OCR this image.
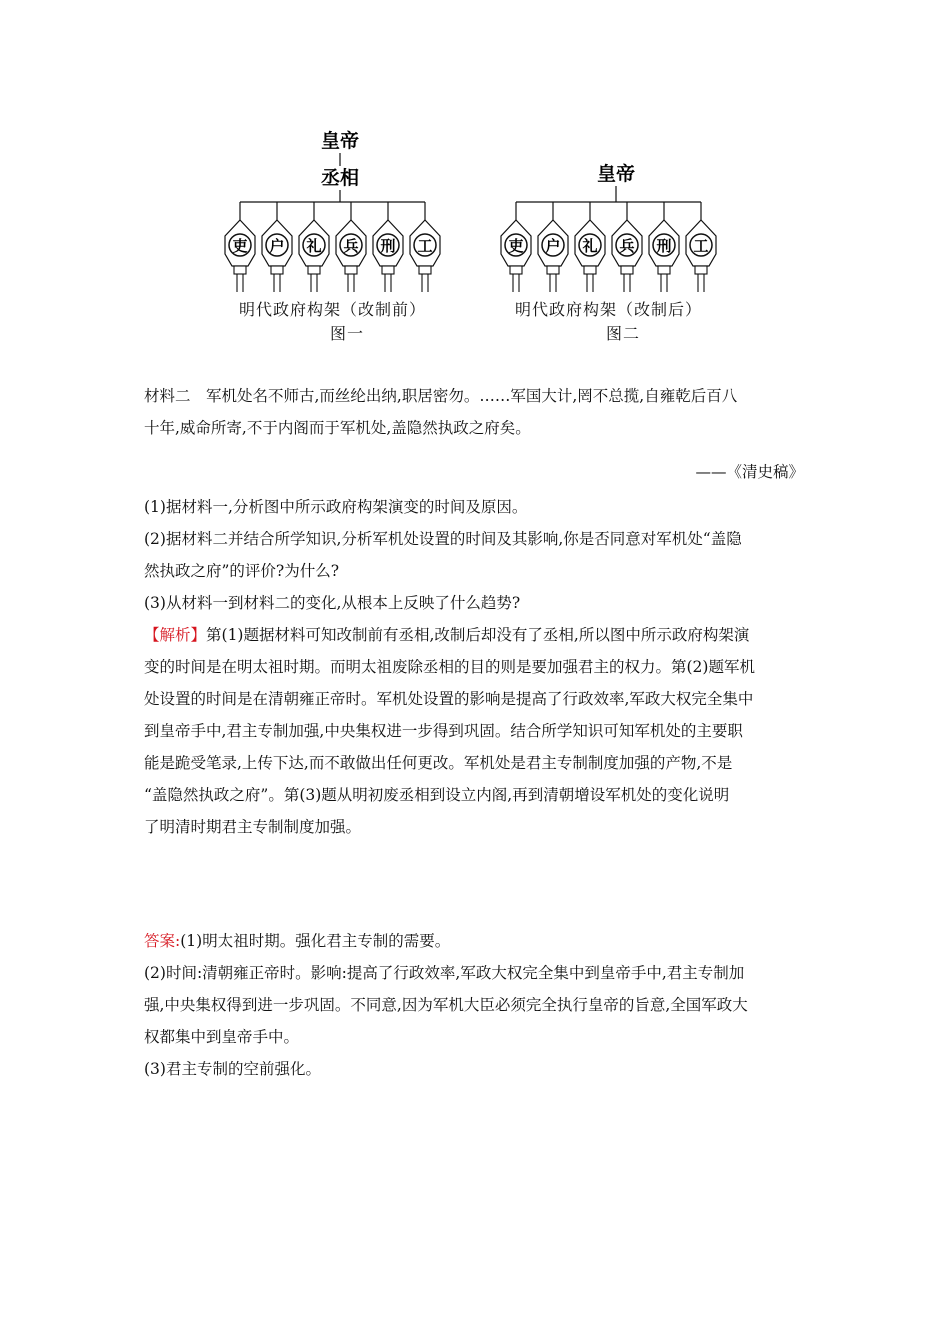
皇帝
丞相
吏 户 礼 兵 刑 工
明代政府构架（改制前）
图一
皇帝
吏 户 礼 兵 刑 工
明代政府构架（改制后）
图二
材料二　军机处名不师古,而丝纶出纳,职居密勿。……军国大计,罔不总揽,自雍乾后百八
十年,威命所寄,不于内阁而于军机处,盖隐然执政之府矣。
——《清史稿》
(1)据材料一,分析图中所示政府构架演变的时间及原因。
(2)据材料二并结合所学知识,分析军机处设置的时间及其影响,你是否同意对军机处“盖隐
然执政之府”的评价?为什么?
(3)从材料一到材料二的变化,从根本上反映了什么趋势?
【解析】第(1)题据材料可知改制前有丞相,改制后却没有了丞相,所以图中所示政府构架演
变的时间是在明太祖时期。而明太祖废除丞相的目的则是要加强君主的权力。第(2)题军机
处设置的时间是在清朝雍正帝时。军机处设置的影响是提高了行政效率,军政大权完全集中
到皇帝手中,君主专制加强,中央集权进一步得到巩固。结合所学知识可知军机处的主要职
能是跪受笔录,上传下达,而不敢做出任何更改。军机处是君主专制制度加强的产物,不是
“盖隐然执政之府”。第(3)题从明初废丞相到设立内阁,再到清朝增设军机处的变化说明
了明清时期君主专制制度加强。
答案:(1)明太祖时期。强化君主专制的需要。
(2)时间:清朝雍正帝时。影响:提高了行政效率,军政大权完全集中到皇帝手中,君主专制加
强,中央集权得到进一步巩固。不同意,因为军机大臣必须完全执行皇帝的旨意,全国军政大
权都集中到皇帝手中。
(3)君主专制的空前强化。
